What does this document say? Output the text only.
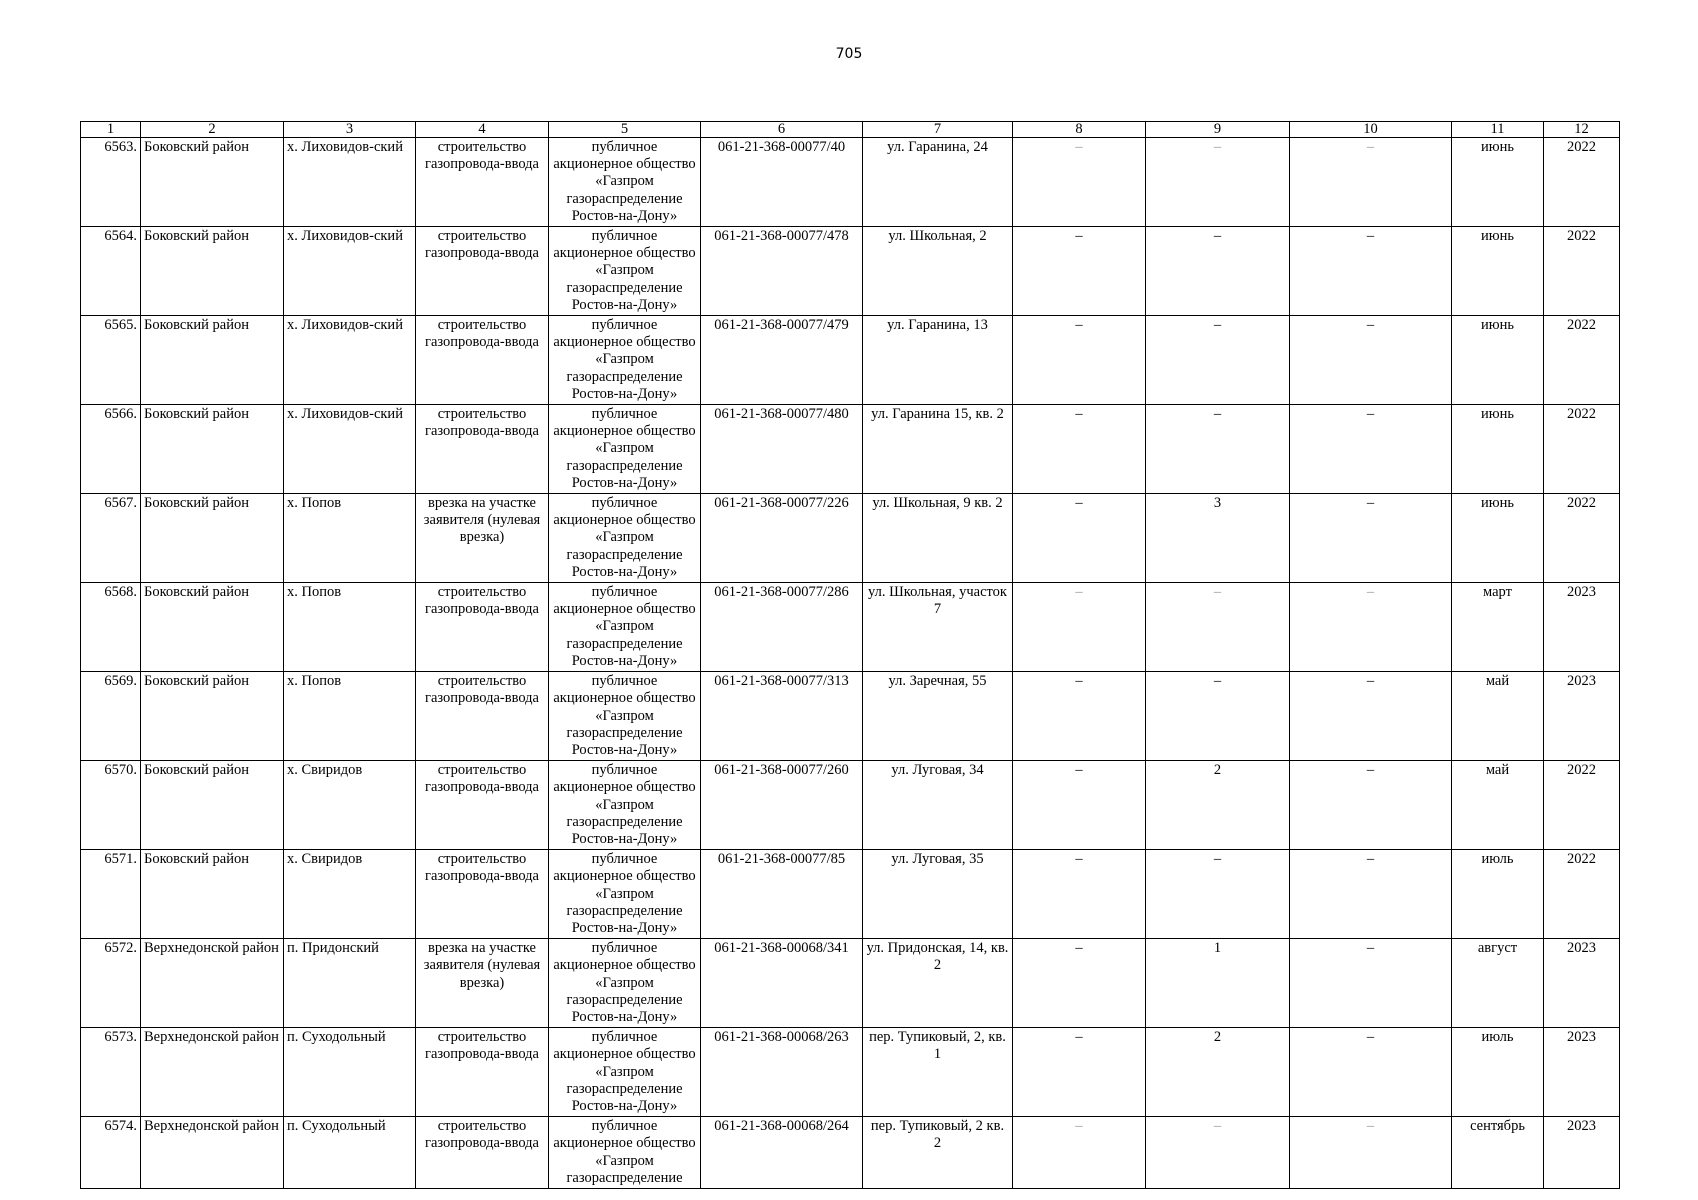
705
1	2	3	4	5	6	7	8	9	10	11	12
6563.	Боковский район	х. Лиховидов-ский	строительство газопровода-ввода	публичное акционерное общество «Газпром газораспределение Ростов-на-Дону»	061-21-368-00077/40	ул. Гаранина, 24	–	–	–	июнь	2022
6564.	Боковский район	х. Лиховидов-ский	строительство газопровода-ввода	публичное акционерное общество «Газпром газораспределение Ростов-на-Дону»	061-21-368-00077/478	ул. Школьная, 2	–	–	–	июнь	2022
6565.	Боковский район	х. Лиховидов-ский	строительство газопровода-ввода	публичное акционерное общество «Газпром газораспределение Ростов-на-Дону»	061-21-368-00077/479	ул. Гаранина, 13	–	–	–	июнь	2022
6566.	Боковский район	х. Лиховидов-ский	строительство газопровода-ввода	публичное акционерное общество «Газпром газораспределение Ростов-на-Дону»	061-21-368-00077/480	ул. Гаранина 15, кв. 2	–	–	–	июнь	2022
6567.	Боковский район	х. Попов	врезка на участке заявителя (нулевая врезка)	публичное акционерное общество «Газпром газораспределение Ростов-на-Дону»	061-21-368-00077/226	ул. Школьная, 9 кв. 2	–	3	–	июнь	2022
6568.	Боковский район	х. Попов	строительство газопровода-ввода	публичное акционерное общество «Газпром газораспределение Ростов-на-Дону»	061-21-368-00077/286	ул. Школьная, участок 7	–	–	–	март	2023
6569.	Боковский район	х. Попов	строительство газопровода-ввода	публичное акционерное общество «Газпром газораспределение Ростов-на-Дону»	061-21-368-00077/313	ул. Заречная, 55	–	–	–	май	2023
6570.	Боковский район	х. Свиридов	строительство газопровода-ввода	публичное акционерное общество «Газпром газораспределение Ростов-на-Дону»	061-21-368-00077/260	ул. Луговая, 34	–	2	–	май	2022
6571.	Боковский район	х. Свиридов	строительство газопровода-ввода	публичное акционерное общество «Газпром газораспределение Ростов-на-Дону»	061-21-368-00077/85	ул. Луговая, 35	–	–	–	июль	2022
6572.	Верхнедонской район	п. Придонский	врезка на участке заявителя (нулевая врезка)	публичное акционерное общество «Газпром газораспределение Ростов-на-Дону»	061-21-368-00068/341	ул. Придонская, 14, кв. 2	–	1	–	август	2023
6573.	Верхнедонской район	п. Суходольный	строительство газопровода-ввода	публичное акционерное общество «Газпром газораспределение Ростов-на-Дону»	061-21-368-00068/263	пер. Тупиковый, 2, кв. 1	–	2	–	июль	2023
6574.	Верхнедонской район	п. Суходольный	строительство газопровода-ввода	публичное акционерное общество «Газпром газораспределение	061-21-368-00068/264	пер. Тупиковый, 2 кв. 2	–	–	–	сентябрь	2023
